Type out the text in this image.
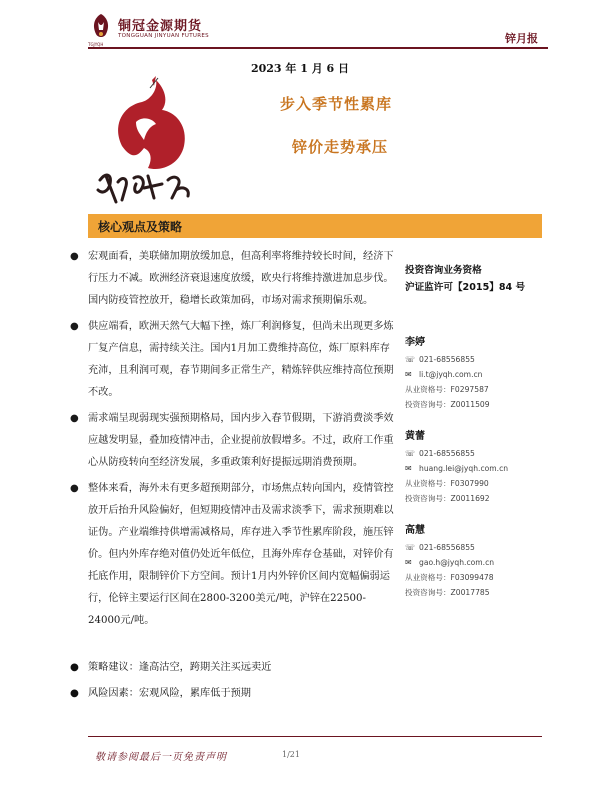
铜冠金源期货
TONGGUAN JINYUAN FUTURES
TGJYQH	锌月报
2023 年 1 月 6 日
步入季节性累库
锌价走势承压
核心观点及策略
● 宏观面看，美联储加期放缓加息，但高利率将维持较长时间，经济下行压力不减。欧洲经济衰退速度放缓，欧央行将维持激进加息步伐。国内防疫管控放开，稳增长政策加码，市场对需求预期偏乐观。
● 供应端看，欧洲天然气大幅下挫，炼厂利润修复，但尚未出现更多炼厂复产信息，需持续关注。国内1月加工费维持高位，炼厂原料库存充沛，且利润可观，春节期间多正常生产，精炼锌供应维持高位预期不改。
● 需求端呈现弱现实强预期格局，国内步入春节假期，下游消费淡季效应越发明显，叠加疫情冲击，企业提前放假增多。不过，政府工作重心从防疫转向至经济发展，多重政策利好提振远期消费预期。
● 整体来看，海外未有更多超预期部分，市场焦点转向国内，疫情管控放开后抬升风险偏好，但短期疫情冲击及需求淡季下，需求预期难以证伪。产业端维持供增需减格局，库存进入季节性累库阶段，施压锌价。但内外库存绝对值仍处近年低位，且海外库存仓基础，对锌价有托底作用，限制锌价下方空间。预计1月内外锌价区间内宽幅偏弱运行，伦锌主要运行区间在2800-3200美元/吨，沪锌在22500-24000元/吨。
● 策略建议：逢高沽空，跨期关注买远卖近
● 风险因素：宏观风险，累库低于预期
投资咨询业务资格
沪证监许可【2015】84 号
李婷
☏ 021-68556855
✉ li.t@jyqh.com.cn
从业资格号：F0297587
投资咨询号：Z0011509
黄蕾
☏ 021-68556855
✉ huang.lei@jyqh.com.cn
从业资格号：F0307990
投资咨询号：Z0011692
高慧
☏ 021-68556855
✉ gao.h@jyqh.com.cn
从业资格号：F03099478
投资咨询号：Z0017785
敬请参阅最后一页免责声明	1/21
